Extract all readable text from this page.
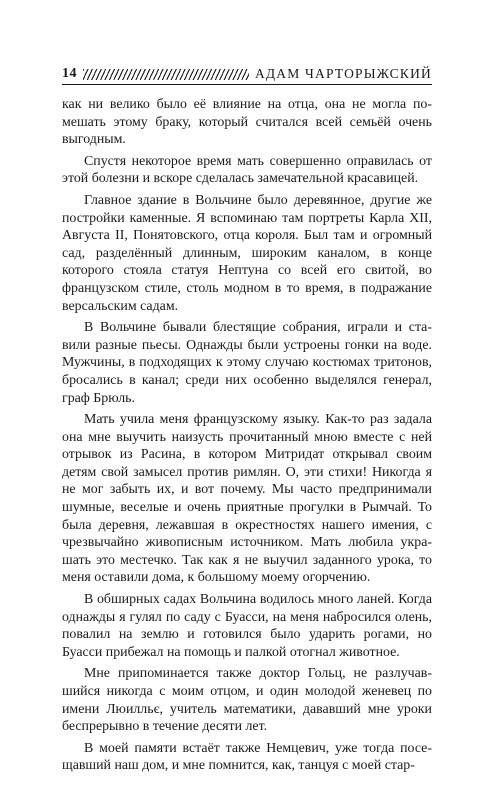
14	АДАМ ЧАРТОРЫЖСКИЙ

как ни велико было её влияние на отца, она не могла помешать этому браку, который считался всей семьёй очень выгодным.

Спустя некоторое время мать совершенно оправилась от этой болезни и вскоре сделалась замечательной красавицей.

Главное здание в Вольчине было деревянное, другие же постройки каменные. Я вспоминаю там портреты Карла XII, Августа II, Понятовского, отца короля. Был там и огромный сад, разделённый длинным, широким каналом, в конце которого стояла статуя Нептуна со всей его свитой, во французском стиле, столь модном в то время, в подражание версальским садам.

В Вольчине бывали блестящие собрания, играли и ставили разные пьесы. Однажды были устроены гонки на воде. Мужчины, в подходящих к этому случаю костюмах тритонов, бросались в канал; среди них особенно выделялся генерал, граф Брюль.

Мать учила меня французскому языку. Как-то раз задала она мне выучить наизусть прочитанный мною вместе с ней отрывок из Расина, в котором Митридат открывал своим детям свой замысел против римлян. О, эти стихи! Никогда я не мог забыть их, и вот почему. Мы часто предпринимали шумные, веселые и очень приятные прогулки в Рымчай. То была деревня, лежавшая в окрестностях нашего имения, с чрезвычайно живописным источником. Мать любила украшать это местечко. Так как я не выучил заданного урока, то меня оставили дома, к большому моему огорчению.

В обширных садах Вольчина водилось много ланей. Когда однажды я гулял по саду с Буасси, на меня набросился олень, повалил на землю и готовился было ударить рогами, но Буасси прибежал на помощь и палкой отогнал животное.

Мне припоминается также доктор Гольц, не разлучавшийся никогда с моим отцом, и один молодой женевец по имени Люилльє, учитель математики, дававший мне уроки беспрерывно в течение десяти лет.

В моей памяти встаёт также Немцевич, уже тогда посещавший наш дом, и мне помнится, как, танцуя с моей стар-
